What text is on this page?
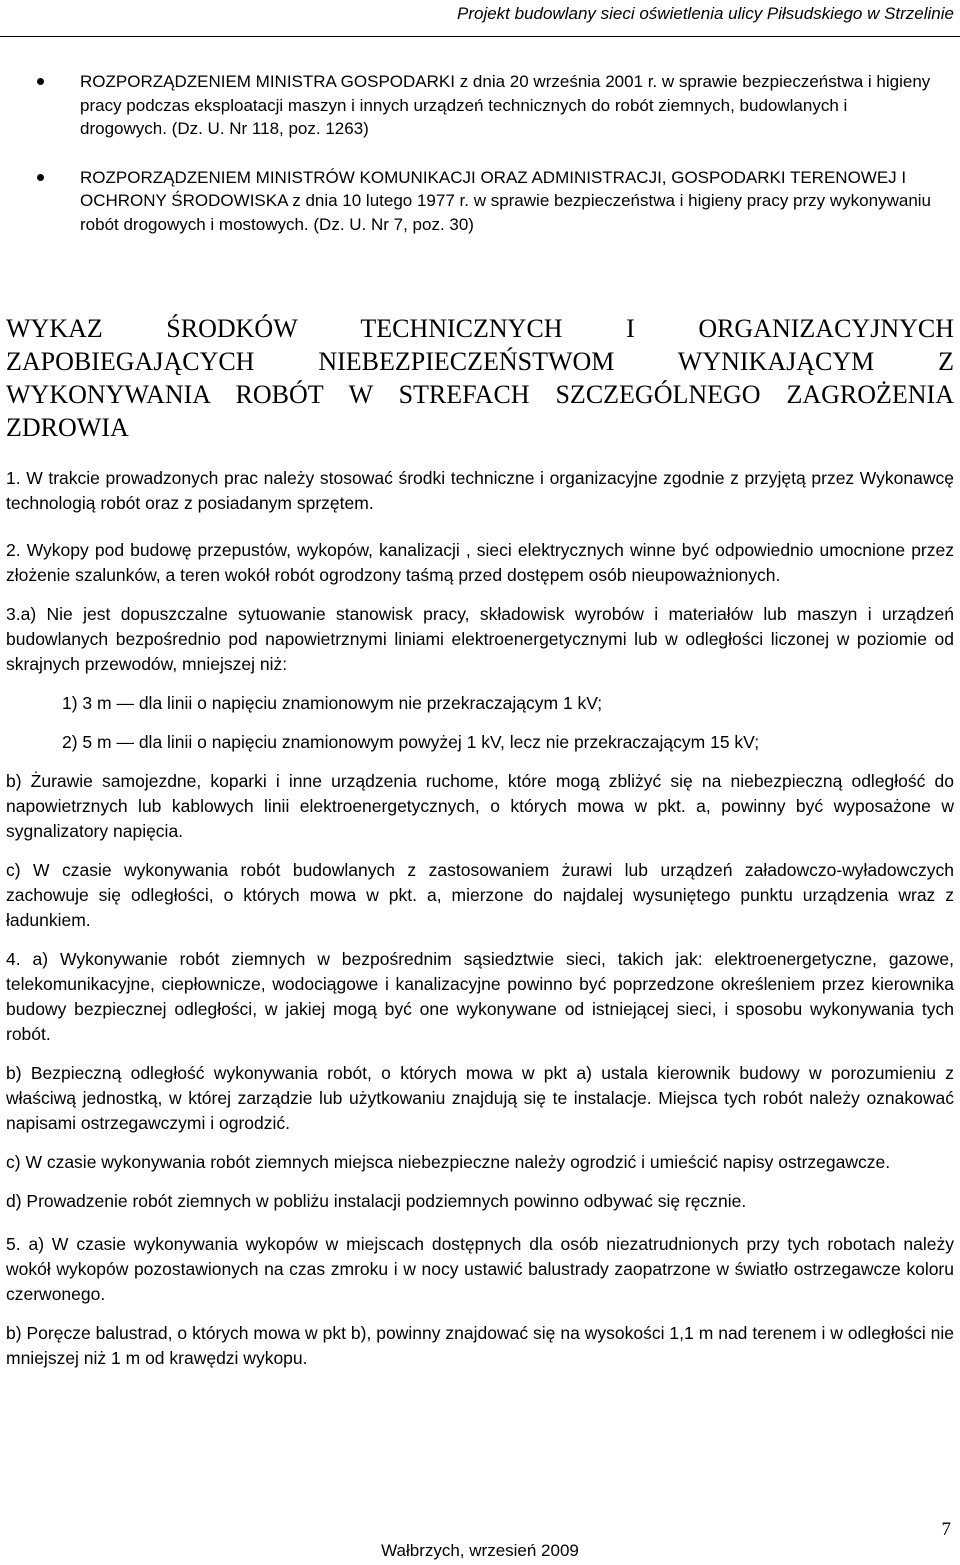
Projekt budowlany sieci oświetlenia ulicy Piłsudskiego w Strzelinie
ROZPORZĄDZENIEM MINISTRA GOSPODARKI z dnia 20 września 2001 r. w sprawie bezpieczeństwa i higieny pracy podczas eksploatacji maszyn i innych urządzeń technicznych do robót ziemnych, budowlanych i drogowych. (Dz. U. Nr 118, poz. 1263)
ROZPORZĄDZENIEM MINISTRÓW KOMUNIKACJI ORAZ ADMINISTRACJI, GOSPODARKI TERENOWEJ I OCHRONY ŚRODOWISKA z dnia 10 lutego 1977 r. w sprawie bezpieczeństwa i higieny pracy przy wykonywaniu robót drogowych i mostowych. (Dz. U. Nr 7, poz. 30)
WYKAZ ŚRODKÓW TECHNICZNYCH I ORGANIZACYJNYCH ZAPOBIEGAJĄCYCH NIEBEZPIECZEŃSTWOM WYNIKAJĄCYM Z WYKONYWANIA ROBÓT W STREFACH SZCZEGÓLNEGO ZAGROŻENIA ZDROWIA

1. W trakcie prowadzonych prac należy stosować środki techniczne i organizacyjne zgodnie z przyjętą przez Wykonawcę technologią robót oraz z posiadanym sprzętem.

2. Wykopy pod budowę przepustów, wykopów, kanalizacji , sieci elektrycznych winne być odpowiednio umocnione przez złożenie szalunków, a teren wokół robót ogrodzony taśmą przed dostępem osób nieupoważnionych.

3.a) Nie jest dopuszczalne sytuowanie stanowisk pracy, składowisk wyrobów i materiałów lub maszyn i urządzeń budowlanych bezpośrednio pod napowietrznymi liniami elektroenergetycznymi lub w odległości liczonej w poziomie od skrajnych przewodów, mniejszej niż:

1) 3 m — dla linii o napięciu znamionowym nie przekraczającym 1 kV;

2) 5 m — dla linii o napięciu znamionowym powyżej 1 kV, lecz nie przekraczającym 15 kV;

b) Żurawie samojezdne, koparki i inne urządzenia ruchome, które mogą zbliżyć się na niebezpieczną odległość do napowietrznych lub kablowych linii elektroenergetycznych, o których mowa w pkt. a, powinny być wyposażone w sygnalizatory napięcia.

c) W czasie wykonywania robót budowlanych z zastosowaniem żurawi lub urządzeń załadowczo-wyładowczych zachowuje się odległości, o których mowa w pkt. a, mierzone do najdalej wysuniętego punktu urządzenia wraz z ładunkiem.

4. a) Wykonywanie robót ziemnych w bezpośrednim sąsiedztwie sieci, takich jak: elektroenergetyczne, gazowe, telekomunikacyjne, ciepłownicze, wodociągowe i kanalizacyjne powinno być poprzedzone określeniem przez kierownika budowy bezpiecznej odległości, w jakiej mogą być one wykonywane od istniejącej sieci, i sposobu wykonywania tych robót.

b) Bezpieczną odległość wykonywania robót, o których mowa w pkt a) ustala kierownik budowy w porozumieniu z właściwą jednostką, w której zarządzie lub użytkowaniu znajdują się te instalacje. Miejsca tych robót należy oznakować napisami ostrzegawczymi i ogrodzić.

c) W czasie wykonywania robót ziemnych miejsca niebezpieczne należy ogrodzić i umieścić napisy ostrzegawcze.

d) Prowadzenie robót ziemnych w pobliżu instalacji podziemnych powinno odbywać się ręcznie.

5. a) W czasie wykonywania wykopów w miejscach dostępnych dla osób niezatrudnionych przy tych robotach należy wokół wykopów pozostawionych na czas zmroku i w nocy ustawić balustrady zaopatrzone w światło ostrzegawcze koloru czerwonego.

b) Poręcze balustrad, o których mowa w pkt b), powinny znajdować się na wysokości 1,1 m nad terenem i w odległości nie mniejszej niż 1 m od krawędzi wykopu.

7
Wałbrzych, wrzesień 2009
